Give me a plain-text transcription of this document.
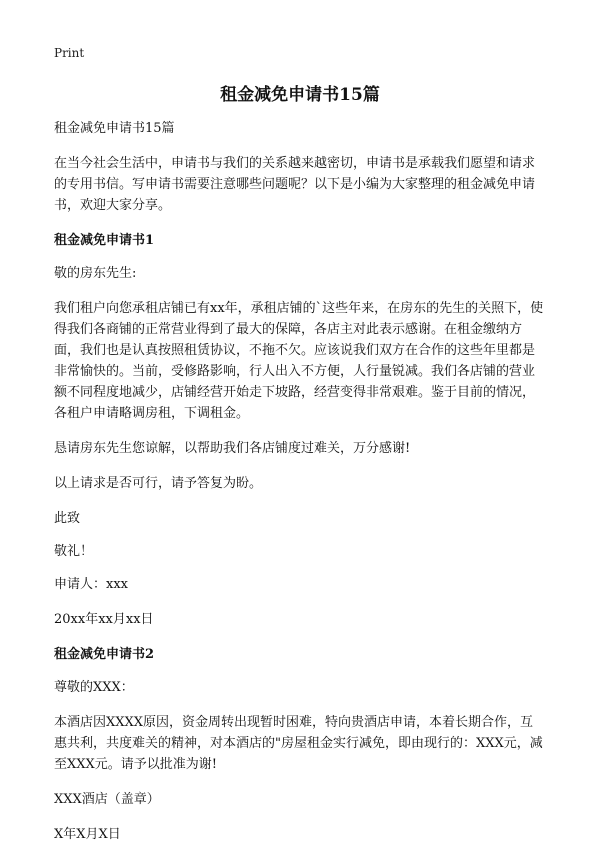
Print
租金减免申请书15篇

租金减免申请书15篇

在当今社会生活中，申请书与我们的关系越来越密切，申请书是承载我们愿望和请求的专用书信。写申请书需要注意哪些问题呢？以下是小编为大家整理的租金减免申请书，欢迎大家分享。

租金减免申请书1

敬的房东先生:

我们租户向您承租店铺已有xx年，承租店铺的`这些年来，在房东的先生的关照下，使得我们各商铺的正常营业得到了最大的保障，各店主对此表示感谢。在租金缴纳方面，我们也是认真按照租赁协议，不拖不欠。应该说我们双方在合作的这些年里都是非常愉快的。当前，受修路影响，行人出入不方便，人行量锐减。我们各店铺的营业额不同程度地减少，店铺经营开始走下坡路，经营变得非常艰难。鉴于目前的情况，各租户申请略调房租，下调租金。

恳请房东先生您谅解，以帮助我们各店铺度过难关，万分感谢!

以上请求是否可行，请予答复为盼。

此致

敬礼！

申请人：xxx

20xx年xx月xx日

租金减免申请书2

尊敬的XXX：

本酒店因XXXX原因，资金周转出现暂时困难，特向贵酒店申请，本着长期合作，互惠共利，共度难关的精神，对本酒店的"房屋租金实行减免，即由现行的：XXX元，减至XXX元。请予以批准为谢!

XXX酒店（盖章）

X年X月X日
